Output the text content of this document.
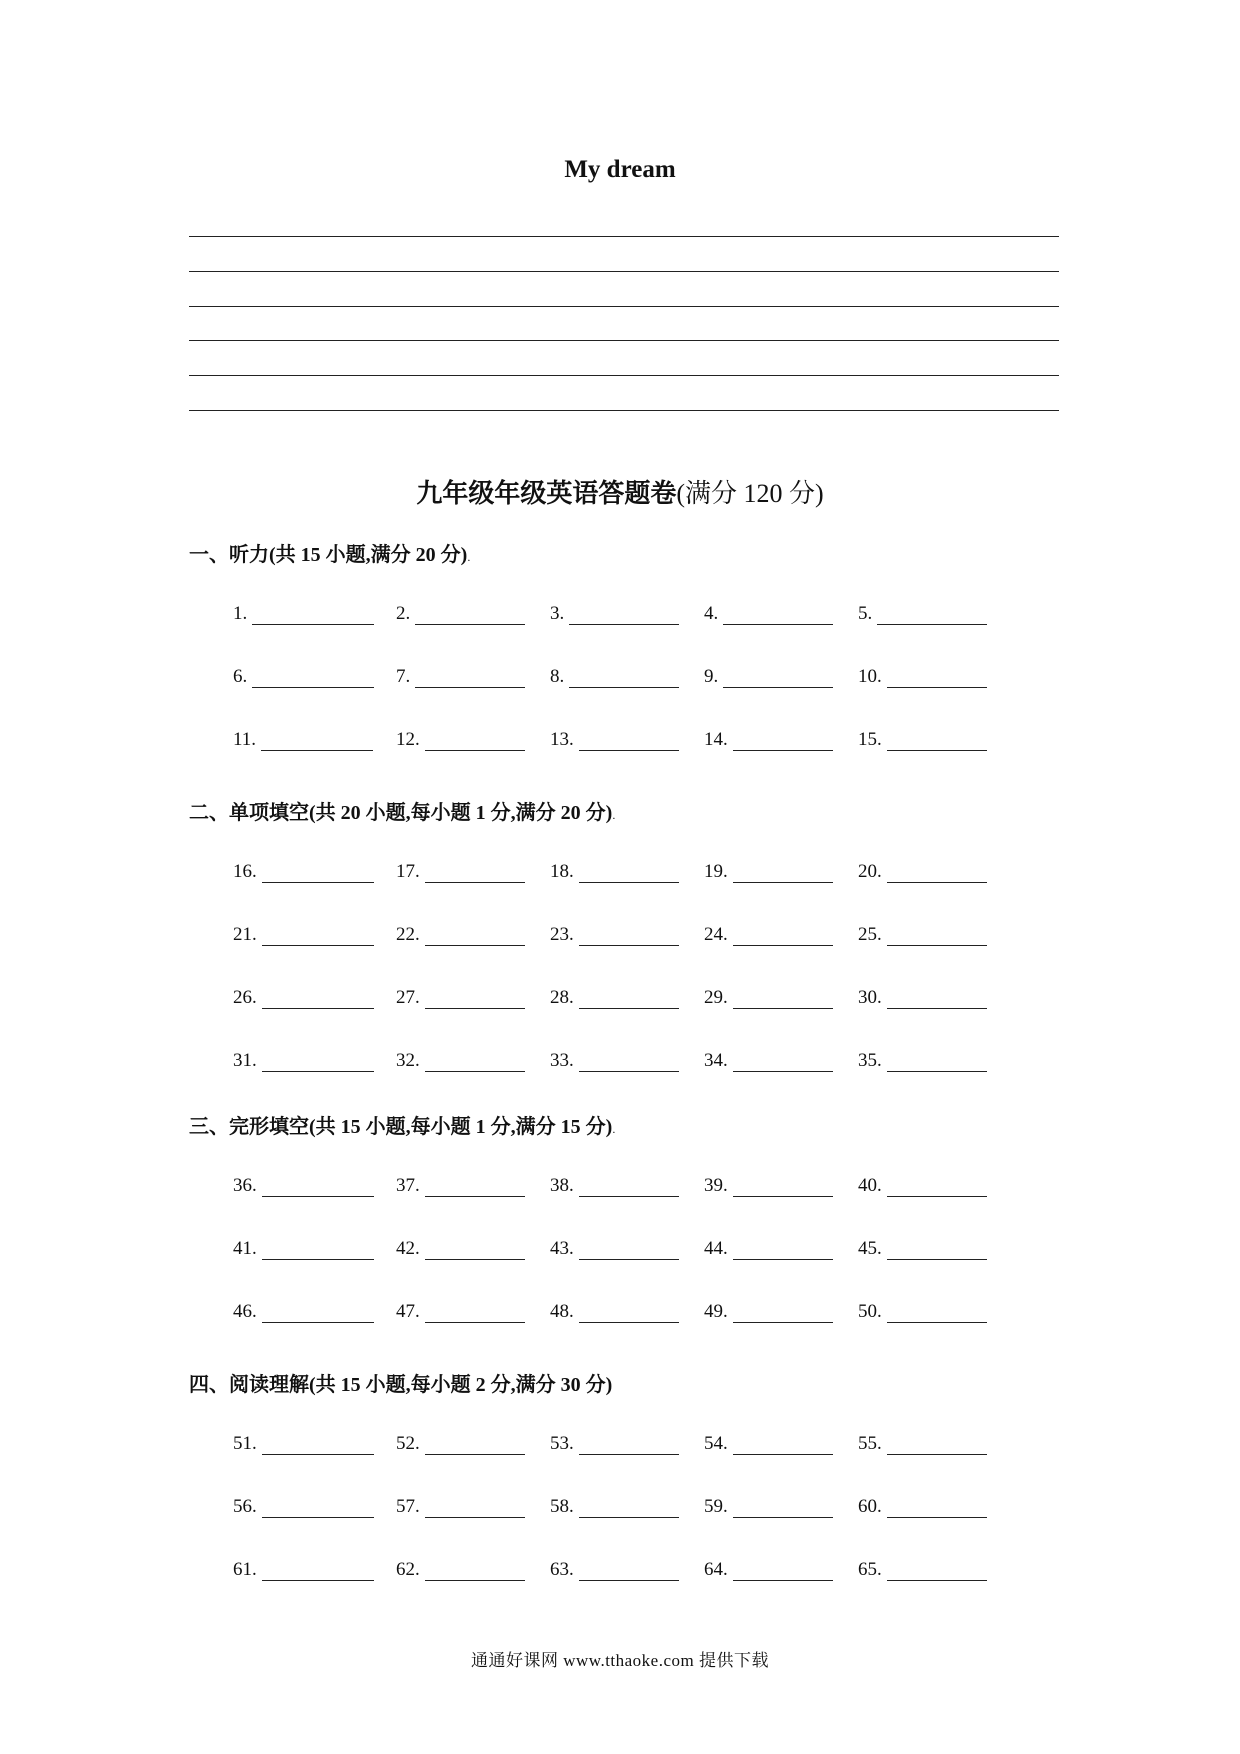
My dream
九年级年级英语答题卷(满分 120 分)
一、听力(共 15 小题,满分 20 分).
1.	2.	3.	4.	5.
6.	7.	8.	9.	10.
11.	12.	13.	14.	15.
二、单项填空(共 20 小题,每小题 1 分,满分 20 分).
16.	17.	18.	19.	20.
21.	22.	23.	24.	25.
26.	27.	28.	29.	30.
31.	32.	33.	34.	35.
三、完形填空(共 15 小题,每小题 1 分,满分 15 分).
36.	37.	38.	39.	40.
41.	42.	43.	44.	45.
46.	47.	48.	49.	50.
四、阅读理解(共 15 小题,每小题 2 分,满分 30 分)
51.	52.	53.	54.	55.
56.	57.	58.	59.	60.
61.	62.	63.	64.	65.
通通好课网 www.tthaoke.com 提供下载
